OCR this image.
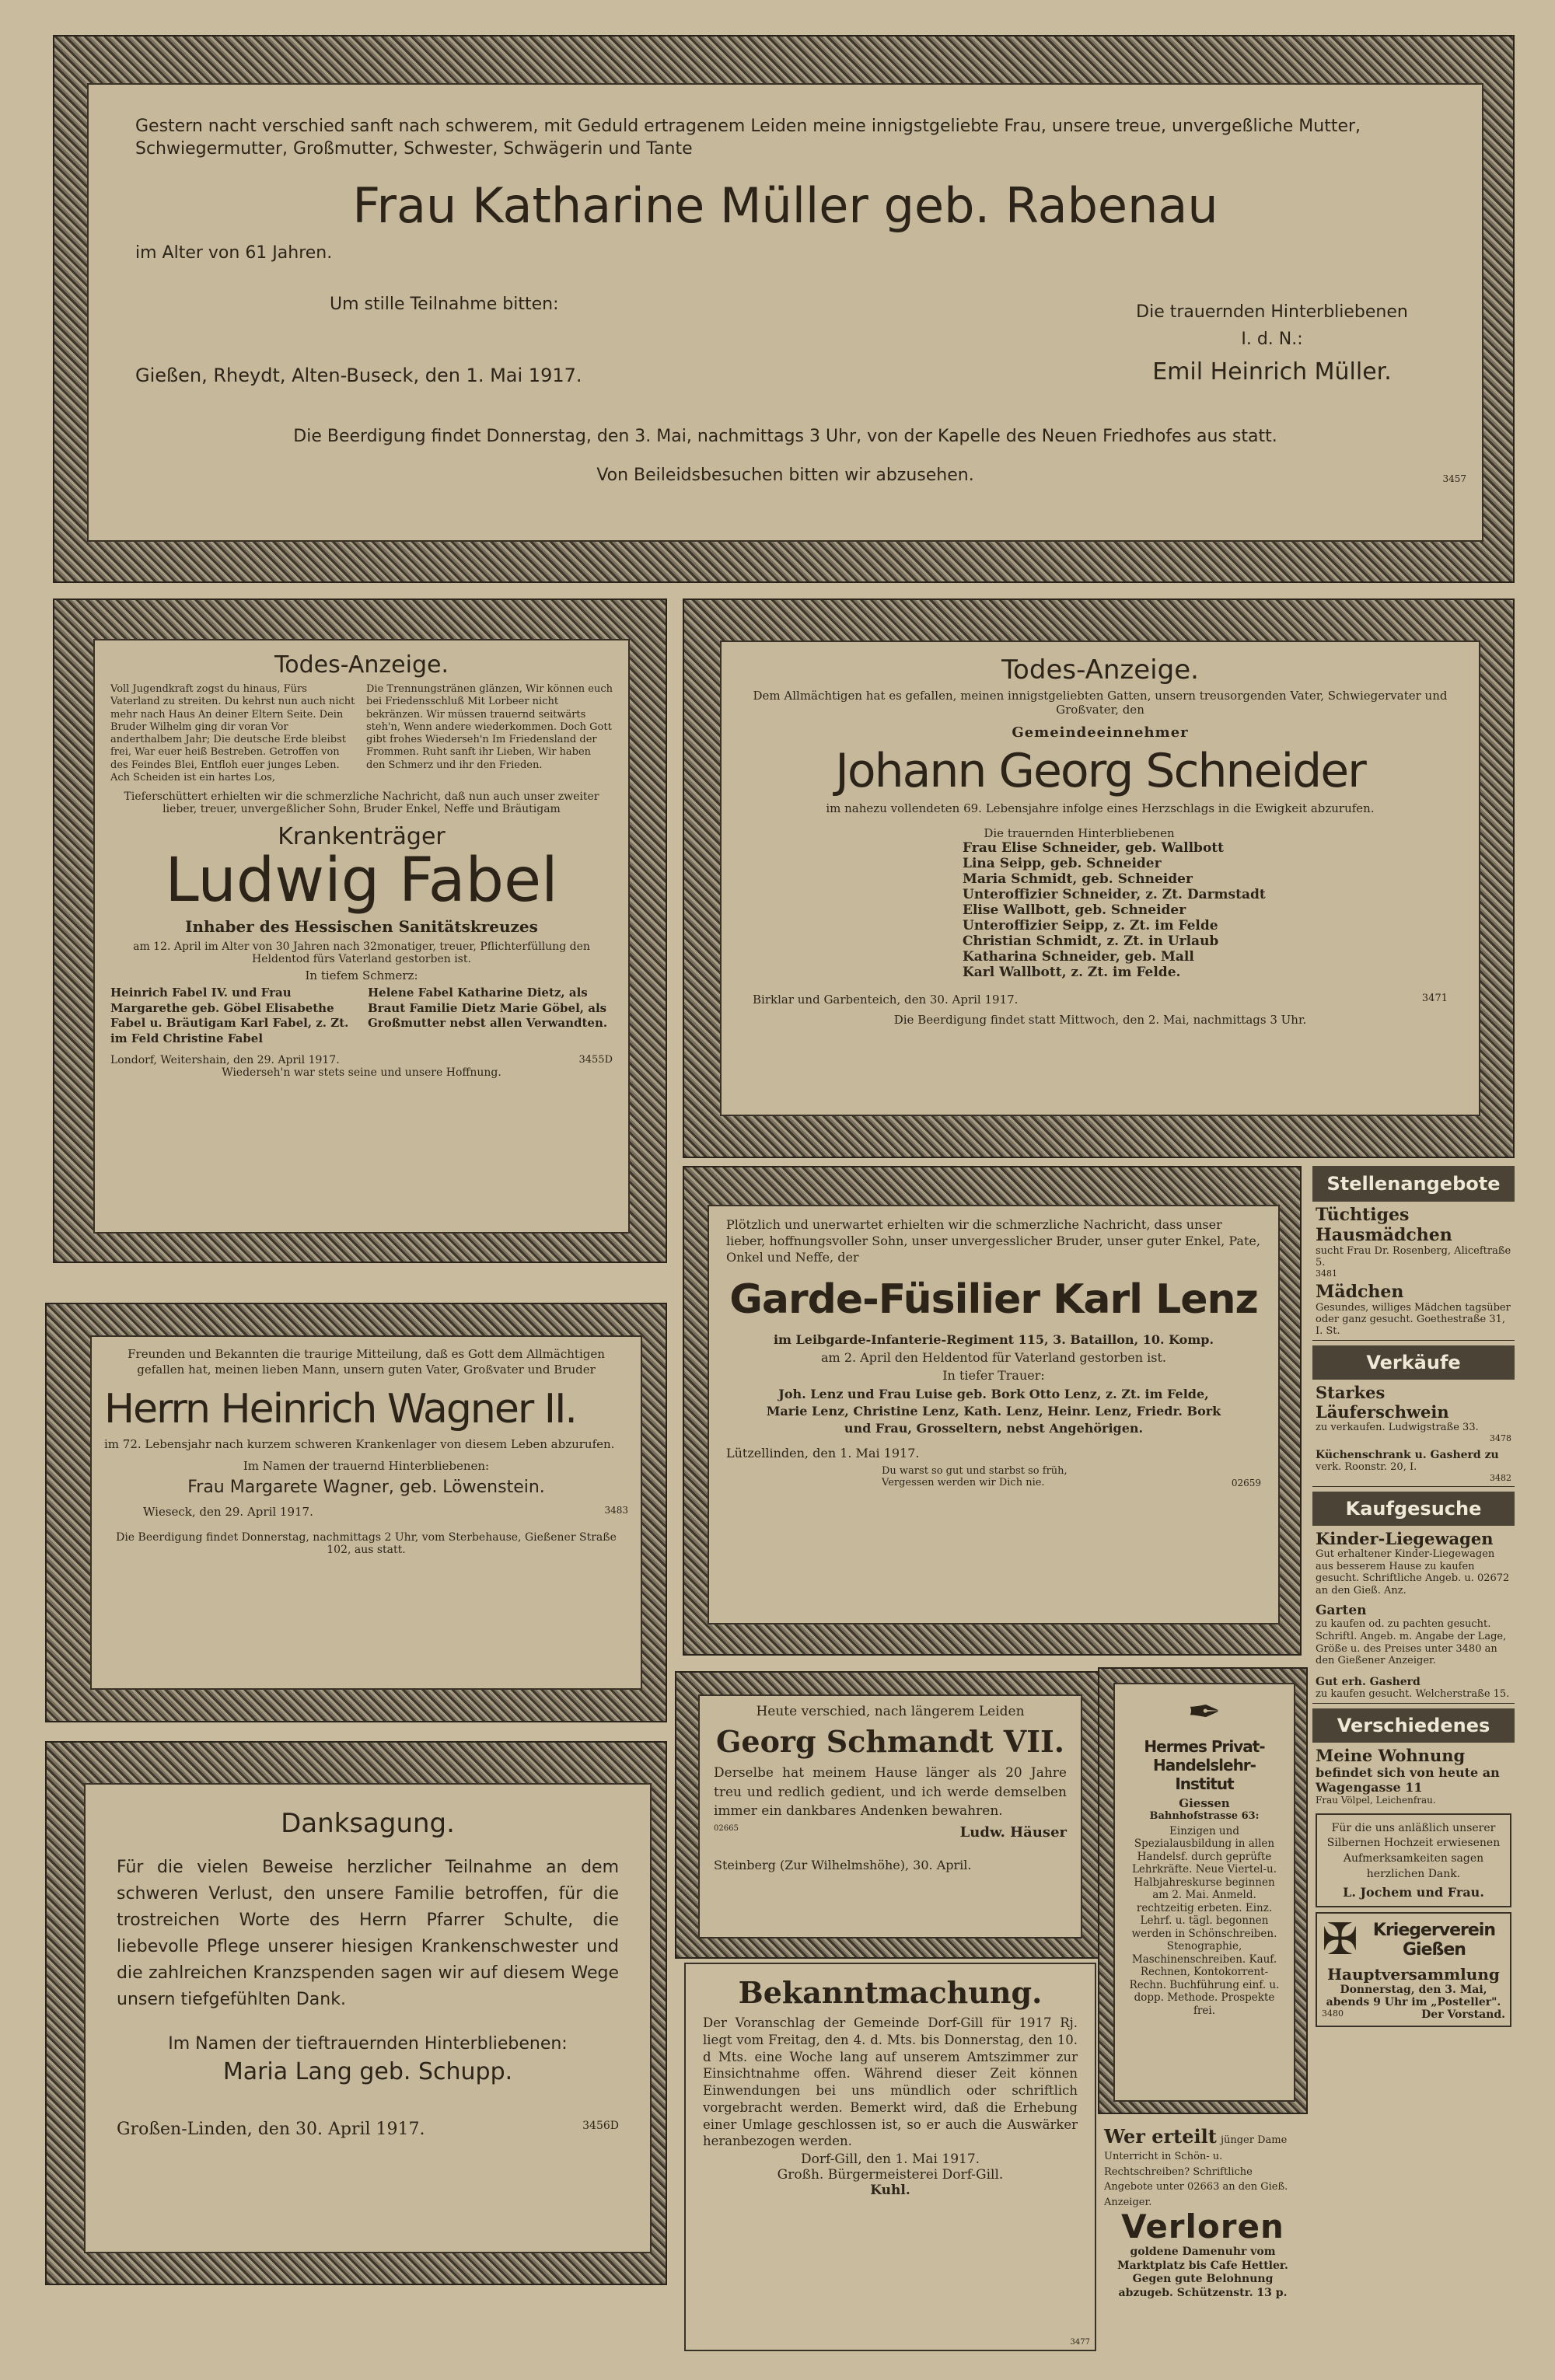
Gestern nacht verschied sanft nach schwerem, mit Geduld ertragenem Leiden meine innigstgeliebte Frau, unsere treue, unvergeßliche Mutter, Schwiegermutter, Großmutter, Schwester, Schwägerin und Tante

Frau Katharine Müller geb. Rabenau

im Alter von 61 Jahren.

Um stille Teilnahme bitten:
Gießen, Rheydt, Alten-Buseck, den 1. Mai 1917.
Die trauernden Hinterbliebenen
I. d. N.:
Emil Heinrich Müller.
Die Beerdigung findet Donnerstag, den 3. Mai, nachmittags 3 Uhr, von der Kapelle des Neuen Friedhofes aus statt.
Von Beileidsbesuchen bitten wir abzusehen.	3457
Todes-Anzeige.

Voll Jugendkraft zogst du hinaus, Fürs Vaterland zu streiten. Du kehrst nun auch nicht mehr nach Haus An deiner Eltern Seite. Dein Bruder Wilhelm ging dir voran Vor anderthalbem Jahr; Die deutsche Erde bleibst frei, War euer heiß Bestreben. Getroffen von des Feindes Blei, Entfloh euer junges Leben. Ach Scheiden ist ein hartes Los,

Die Trennungstränen glänzen, Wir können euch bei Friedensschluß Mit Lorbeer nicht bekränzen. Wir müssen trauernd seitwärts steh'n, Wenn andere wiederkommen. Doch Gott gibt frohes Wiederseh'n Im Friedensland der Frommen. Ruht sanft ihr Lieben, Wir haben den Schmerz und ihr den Frieden.

Tieferschüttert erhielten wir die schmerzliche Nachricht, daß nun auch unser zweiter lieber, treuer, unvergeßlicher Sohn, Bruder Enkel, Neffe und Bräutigam

Krankenträger
Ludwig Fabel
Inhaber des Hessischen Sanitätskreuzes

am 12. April im Alter von 30 Jahren nach 32monatiger, treuer, Pflichterfüllung den Heldentod fürs Vaterland gestorben ist.

In tiefem Schmerz:

Heinrich Fabel IV. und Frau Margarethe geb. Göbel Elisabethe Fabel u. Bräutigam Karl Fabel, z. Zt. im Feld Christine Fabel

Helene Fabel Katharine Dietz, als Braut Familie Dietz Marie Göbel, als Großmutter nebst allen Verwandten.

Londorf, Weitershain, den 29. April 1917.	3455D
Wiederseh'n war stets seine und unsere Hoffnung.
Todes-Anzeige.

Dem Allmächtigen hat es gefallen, meinen innigstgeliebten Gatten, unsern treusorgenden Vater, Schwiegervater und Großvater, den

Gemeindeeinnehmer
Johann Georg Schneider

im nahezu vollendeten 69. Lebensjahre infolge eines Herzschlags in die Ewigkeit abzurufen.

Die trauernden Hinterbliebenen
Frau Elise Schneider, geb. Wallbott
Lina Seipp, geb. Schneider
Maria Schmidt, geb. Schneider
Unteroffizier Schneider, z. Zt. Darmstadt
Elise Wallbott, geb. Schneider
Unteroffizier Seipp, z. Zt. im Felde
Christian Schmidt, z. Zt. in Urlaub
Katharina Schneider, geb. Mall
Karl Wallbott, z. Zt. im Felde.
Birklar und Garbenteich, den 30. April 1917.	3471
Die Beerdigung findet statt Mittwoch, den 2. Mai, nachmittags 3 Uhr.

Plötzlich und unerwartet erhielten wir die schmerzliche Nachricht, dass unser lieber, hoffnungsvoller Sohn, unser unvergesslicher Bruder, unser guter Enkel, Pate, Onkel und Neffe, der

Garde-Füsilier Karl Lenz
im Leibgarde-Infanterie-Regiment 115, 3. Bataillon, 10. Komp.
am 2. April den Heldentod für Vaterland gestorben ist.
In tiefer Trauer:

Joh. Lenz und Frau Luise geb. Bork Otto Lenz, z. Zt. im Felde, Marie Lenz, Christine Lenz, Kath. Lenz, Heinr. Lenz, Friedr. Bork und Frau, Grosseltern, nebst Angehörigen.

Lützellinden, den 1. Mai 1917.
Du warst so gut und starbst so früh, Vergessen werden wir Dich nie.	02659

Freunden und Bekannten die traurige Mitteilung, daß es Gott dem Allmächtigen gefallen hat, meinen lieben Mann, unsern guten Vater, Großvater und Bruder

Herrn Heinrich Wagner II.

im 72. Lebensjahr nach kurzem schweren Krankenlager von diesem Leben abzurufen.

Im Namen der trauernd Hinterbliebenen:
Frau Margarete Wagner, geb. Löwenstein.
Wieseck, den 29. April 1917.	3483

Die Beerdigung findet Donnerstag, nachmittags 2 Uhr, vom Sterbehause, Gießener Straße 102, aus statt.

Danksagung.

Für die vielen Beweise herzlicher Teilnahme an dem schweren Verlust, den unsere Familie betroffen, für die trostreichen Worte des Herrn Pfarrer Schulte, die liebevolle Pflege unserer hiesigen Krankenschwester und die zahlreichen Kranzspenden sagen wir auf diesem Wege unsern tiefgefühlten Dank.

Im Namen der tieftrauernden Hinterbliebenen:
Maria Lang geb. Schupp.
Großen-Linden, den 30. April 1917.	3456D
Heute verschied, nach längerem Leiden
Georg Schmandt VII.

Derselbe hat meinem Hause länger als 20 Jahre treu und redlich gedient, und ich werde demselben immer ein dankbares Andenken bewahren.

02665	Ludw. Häuser
Steinberg (Zur Wilhelmshöhe), 30. April.
Bekanntmachung.

Der Voranschlag der Gemeinde Dorf-Gill für 1917 Rj. liegt vom Freitag, den 4. d. Mts. bis Donnerstag, den 10. d Mts. eine Woche lang auf unserem Amtszimmer zur Einsichtnahme offen. Während dieser Zeit können Einwendungen bei uns mündlich oder schriftlich vorgebracht werden. Bemerkt wird, daß die Erhebung einer Umlage geschlossen ist, so er auch die Auswärker heranbezogen werden.

Dorf-Gill, den 1. Mai 1917.
Großh. Bürgermeisterei Dorf-Gill.
Kuhl.
3477
✒
Hermes Privat-Handelslehr-Institut
Giessen
Bahnhofstrasse 63:

Einzigen und Spezialausbildung in allen Handelsf. durch geprüfte Lehrkräfte. Neue Viertel-u. Halbjahreskurse beginnen am 2. Mai. Anmeld. rechtzeitig erbeten. Einz. Lehrf. u. tägl. begonnen werden in Schönschreiben. Stenographie, Maschinenschreiben. Kauf. Rechnen, Kontokorrent-Rechn. Buchführung einf. u. dopp. Methode. Prospekte frei.

Wer erteilt jünger Dame Unterricht in Schön- u. Rechtschreiben? Schriftliche Angebote unter 02663 an den Gieß. Anzeiger.
Verloren

goldene Damenuhr vom Marktplatz bis Cafe Hettler. Gegen gute Belohnung abzugeb. Schützenstr. 13 p.

Stellenangebote
Tüchtiges Hausmädchen
sucht Frau Dr. Rosenberg, Aliceftraße 5.
3481
Mädchen
Gesundes, williges Mädchen tagsüber oder ganz gesucht. Goethestraße 31, I. St.
Verkäufe
Starkes Läuferschwein
zu verkaufen. Ludwigstraße 33.
3478
Küchenschrank u. Gasherd zu
verk. Roonstr. 20, I.
3482
Kaufgesuche
Kinder-Liegewagen
Gut erhaltener Kinder-Liegewagen aus besserem Hause zu kaufen gesucht. Schriftliche Angeb. u. 02672 an den Gieß. Anz.
Garten
zu kaufen od. zu pachten gesucht. Schriftl. Angeb. m. Angabe der Lage, Größe u. des Preises unter 3480 an den Gießener Anzeiger.
Gut erh. Gasherd
zu kaufen gesucht. Welcherstraße 15.
Verschiedenes
Meine Wohnung
befindet sich von heute an Wagengasse 11
Frau Völpel, Leichenfrau.

Für die uns anläßlich unserer Silbernen Hochzeit erwiesenen Aufmerksamkeiten sagen herzlichen Dank.

L. Jochem und Frau.
✠ Kriegerverein Gießen
Hauptversammlung
Donnerstag, den 3. Mai, abends 9 Uhr im „Posteller".
3480	Der Vorstand.
